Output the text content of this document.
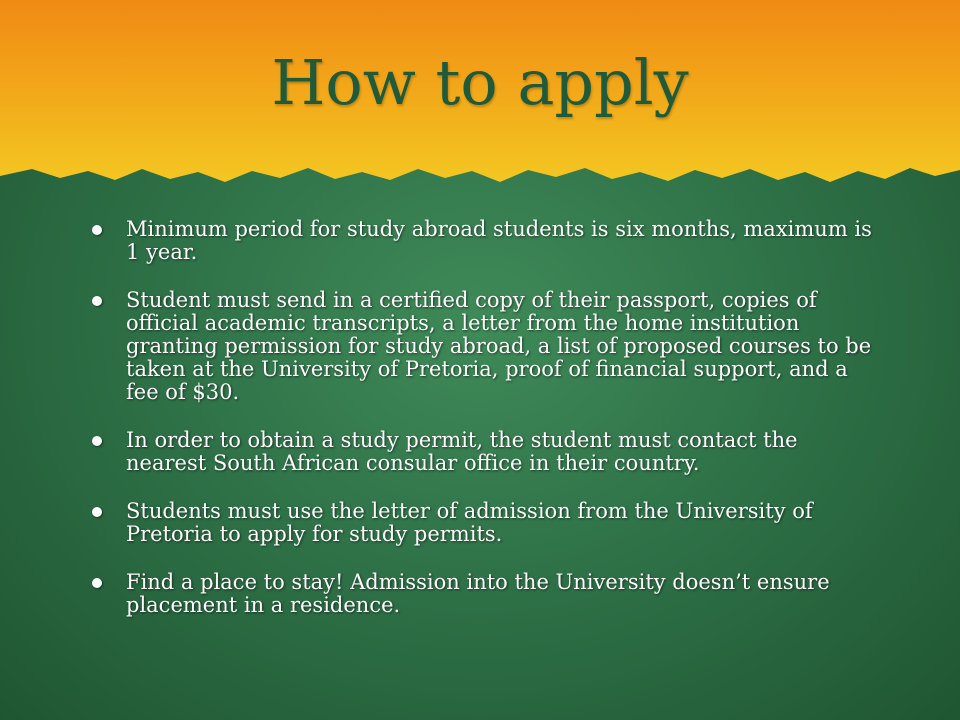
How to apply
Minimum period for study abroad students is six months, maximum is 1 year.
Student must send in a certified copy of their passport, copies of official academic transcripts, a letter from the home institution granting permission for study abroad, a list of proposed courses to be taken at the University of Pretoria, proof of financial support, and a fee of $30.
In order to obtain a study permit, the student must contact the nearest South African consular office in their country.
Students must use the letter of admission from the University of Pretoria to apply for study permits.
Find a place to stay! Admission into the University doesn’t ensure placement in a residence.
